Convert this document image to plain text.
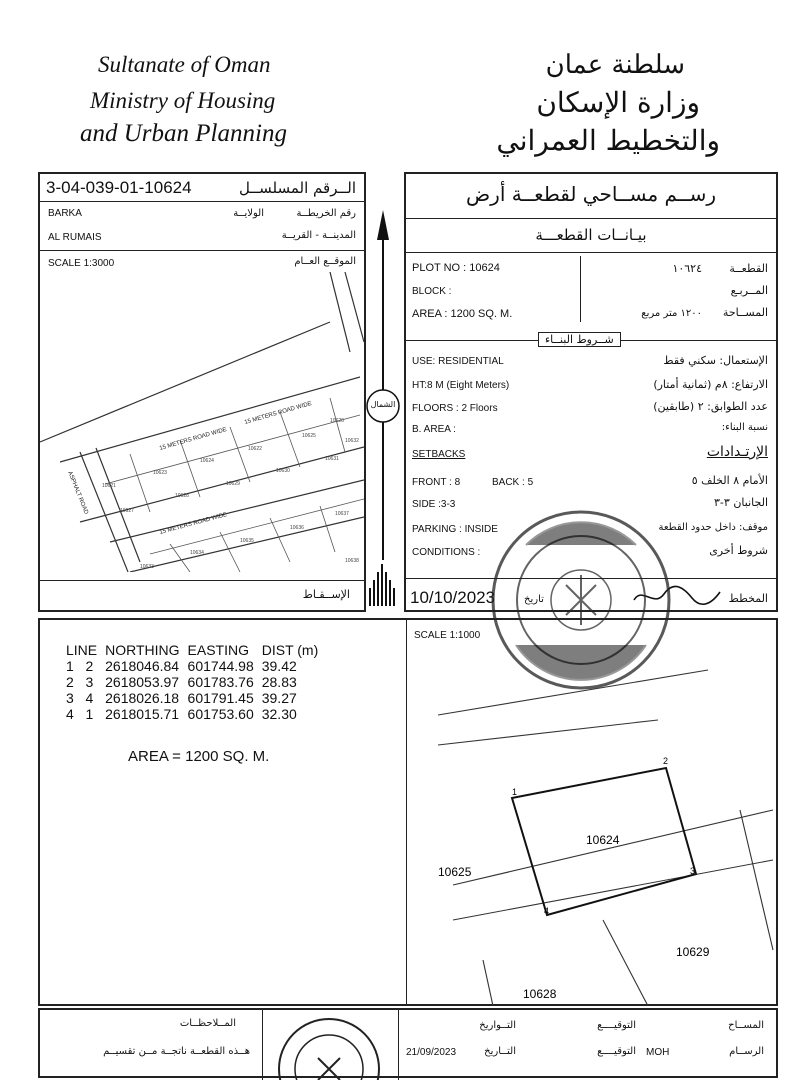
Sultanate of Oman
Ministry of Housing
and Urban Planning
سلطنة عمان
وزارة الإسكان
والتخطيط العمراني
3-04-039-01-10624	الــرقم المسلســل
BARKA	الولايــة	رقم الخريطــة
AL RUMAIS	المدينــة - القريــة
SCALE 1:3000	الموقــع العــام
15 METERS ROAD WIDE
15 METERS ROAD WIDE
15 METERS ROAD WIDE
ASPHALT ROAD	10621
10623
10624
10622
10625
10626
10627
10628
10629
10630
10631
10632
10633
10634
10635
10636
10637
10638
الإســقـاط
الشمال
رســم مســاحي لقطعــة أرض
بيـانــات القطعـــة
PLOT NO : 10624	١٠٦٢٤ القطعــة
BLOCK :	المــربـع
AREA : 1200 SQ. M.	١٢٠٠ متر مربع المســاحة
شــروط البنــاء
USE: RESIDENTIAL	الإستعمال: سكني فقط
HT:8 M (Eight Meters)	الارتفاع: ٨م (ثمانية أمتار)
FLOORS : 2 Floors	عدد الطوابق: ٢ (طابقين)
B. AREA :	نسبة البناء:
SETBACKS	الإرتـدادات
FRONT : 8	BACK : 5	الأمام ٨ الخلف ٥
SIDE :3-3	الجانبان ٣-٣
PARKING : INSIDE	موقف: داخل حدود القطعة
CONDITIONS :	شروط أخرى
10/10/2023	تاريخ	المخطط
LINE	NORTHING	EASTING	DIST (m)
1   2	2618046.84	601744.98	39.42
2   3	2618053.97	601783.76	28.83
3   4	2618026.18	601791.45	39.27
4   1	2618015.71	601753.60	32.30
AREA = 1200 SQ. M.
SCALE 1:1000
1
2
3
4
10624
10625
10629
10628
المــلاحظــات
هــذه القطعــة ناتجــة مــن تقسيــم
التــواريخ
التــاريخ
21/09/2023
التوقيــــع
التوقيــــع MOH
المســاح
الرســام
